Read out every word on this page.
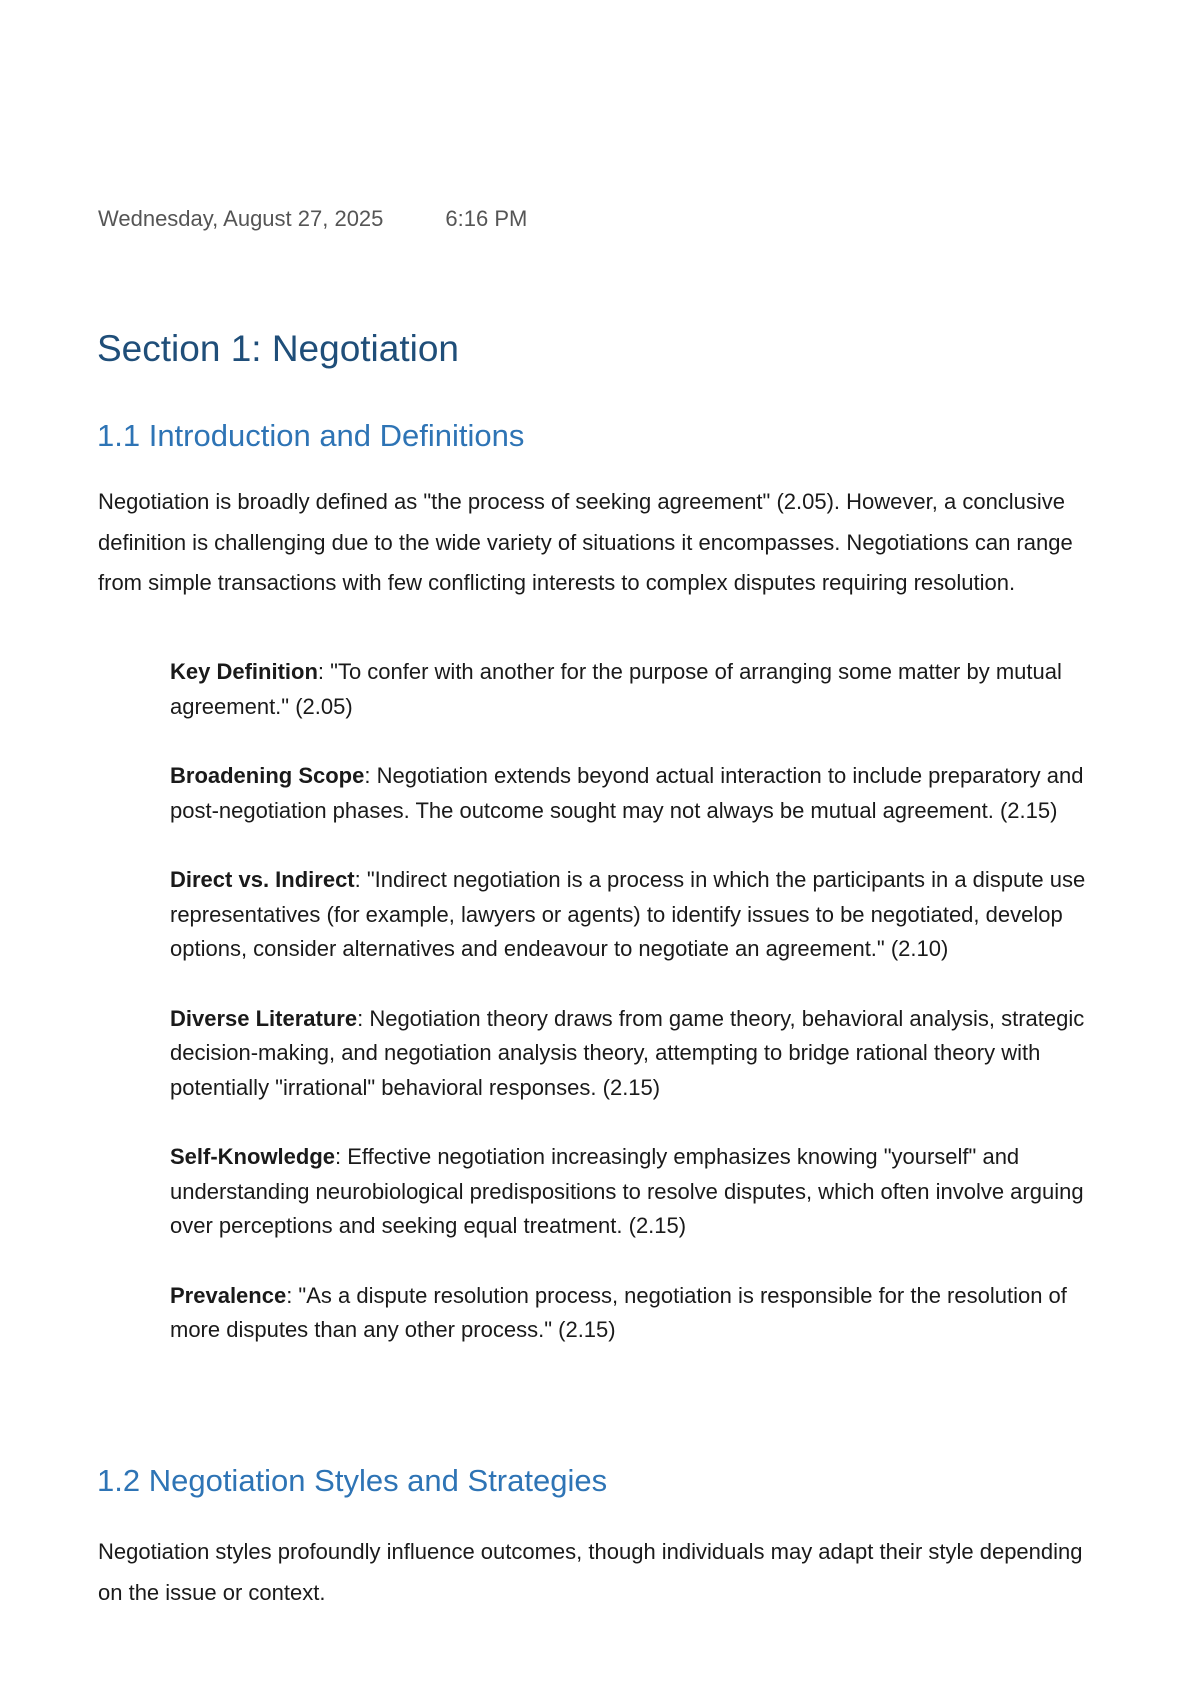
Wednesday, August 27, 2025	6:16 PM
Section 1: Negotiation
1.1 Introduction and Definitions

Negotiation is broadly defined as "the process of seeking agreement" (2.05). However, a conclusive definition is challenging due to the wide variety of situations it encompasses. Negotiations can range from simple transactions with few conflicting interests to complex disputes requiring resolution.

Key Definition: "To confer with another for the purpose of arranging some matter by mutual agreement." (2.05)
Broadening Scope: Negotiation extends beyond actual interaction to include preparatory and post-negotiation phases. The outcome sought may not always be mutual agreement. (2.15)
Direct vs. Indirect: "Indirect negotiation is a process in which the participants in a dispute use representatives (for example, lawyers or agents) to identify issues to be negotiated, develop options, consider alternatives and endeavour to negotiate an agreement." (2.10)
Diverse Literature: Negotiation theory draws from game theory, behavioral analysis, strategic decision-making, and negotiation analysis theory, attempting to bridge rational theory with potentially "irrational" behavioral responses. (2.15)
Self-Knowledge: Effective negotiation increasingly emphasizes knowing "yourself" and understanding neurobiological predispositions to resolve disputes, which often involve arguing over perceptions and seeking equal treatment. (2.15)
Prevalence: "As a dispute resolution process, negotiation is responsible for the resolution of more disputes than any other process." (2.15)
1.2 Negotiation Styles and Strategies

Negotiation styles profoundly influence outcomes, though individuals may adapt their style depending on the issue or context.
